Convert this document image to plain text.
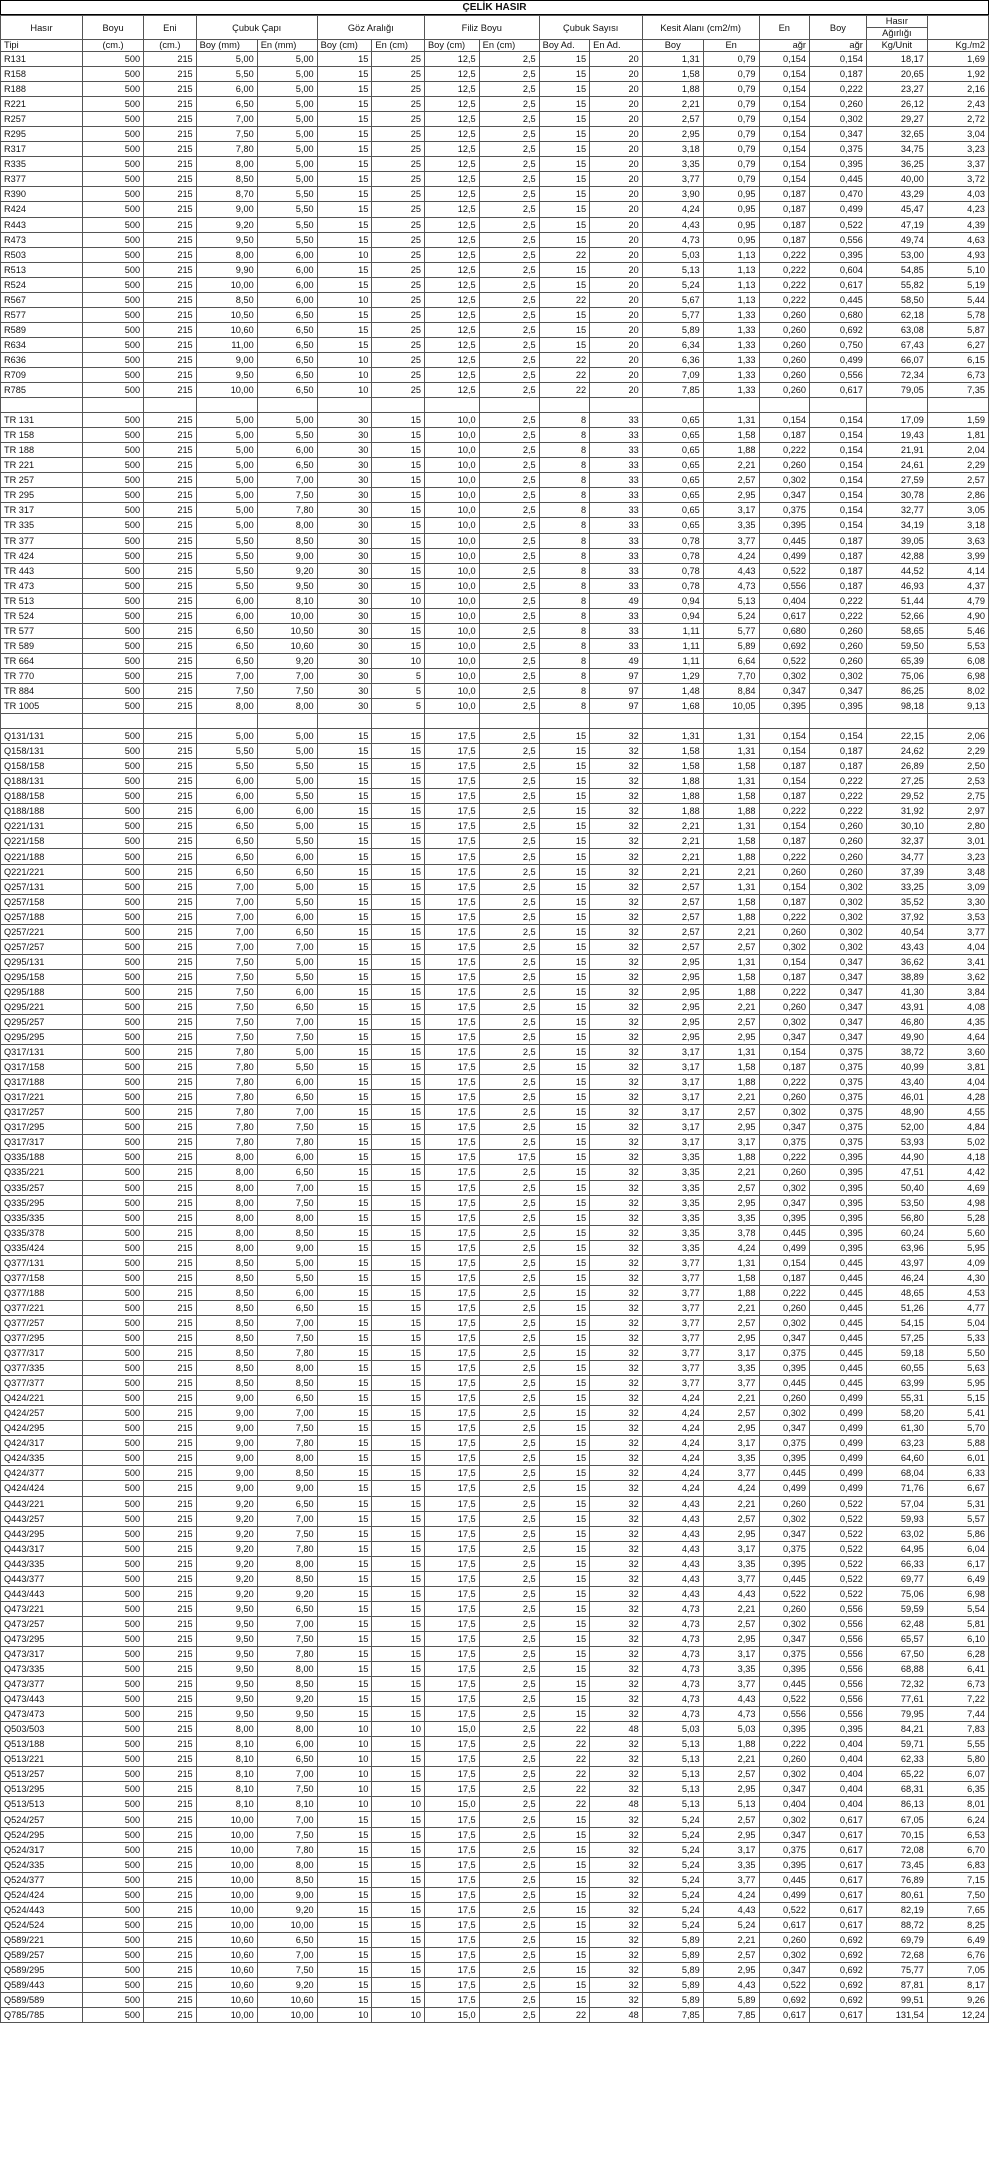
ÇELİK HASIR
Hasır	Boyu	Eni	Çubuk Çapı		Göz Aralığı		Filiz Boyu		Çubuk Sayısı		Kesit Alanı (cm2/m)		En	Boy	Hasır	
															Ağırlığı	
Tipi	(cm.)	(cm.)	Boy (mm)	En (mm)	Boy (cm)	En (cm)	Boy (cm)	En (cm)	Boy Ad.	En Ad.	Boy	En	ağr	ağr	Kg/Unit	Kg./m2
R131	500	215	5,00	5,00	15	25	12,5	2,5	15	20	1,31	0,79	0,154	0,154	18,17	1,69
R158	500	215	5,50	5,00	15	25	12,5	2,5	15	20	1,58	0,79	0,154	0,187	20,65	1,92
R188	500	215	6,00	5,00	15	25	12,5	2,5	15	20	1,88	0,79	0,154	0,222	23,27	2,16
R221	500	215	6,50	5,00	15	25	12,5	2,5	15	20	2,21	0,79	0,154	0,260	26,12	2,43
R257	500	215	7,00	5,00	15	25	12,5	2,5	15	20	2,57	0,79	0,154	0,302	29,27	2,72
R295	500	215	7,50	5,00	15	25	12,5	2,5	15	20	2,95	0,79	0,154	0,347	32,65	3,04
R317	500	215	7,80	5,00	15	25	12,5	2,5	15	20	3,18	0,79	0,154	0,375	34,75	3,23
R335	500	215	8,00	5,00	15	25	12,5	2,5	15	20	3,35	0,79	0,154	0,395	36,25	3,37
R377	500	215	8,50	5,00	15	25	12,5	2,5	15	20	3,77	0,79	0,154	0,445	40,00	3,72
R390	500	215	8,70	5,50	15	25	12,5	2,5	15	20	3,90	0,95	0,187	0,470	43,29	4,03
R424	500	215	9,00	5,50	15	25	12,5	2,5	15	20	4,24	0,95	0,187	0,499	45,47	4,23
R443	500	215	9,20	5,50	15	25	12,5	2,5	15	20	4,43	0,95	0,187	0,522	47,19	4,39
R473	500	215	9,50	5,50	15	25	12,5	2,5	15	20	4,73	0,95	0,187	0,556	49,74	4,63
R503	500	215	8,00	6,00	10	25	12,5	2,5	22	20	5,03	1,13	0,222	0,395	53,00	4,93
R513	500	215	9,90	6,00	15	25	12,5	2,5	15	20	5,13	1,13	0,222	0,604	54,85	5,10
R524	500	215	10,00	6,00	15	25	12,5	2,5	15	20	5,24	1,13	0,222	0,617	55,82	5,19
R567	500	215	8,50	6,00	10	25	12,5	2,5	22	20	5,67	1,13	0,222	0,445	58,50	5,44
R577	500	215	10,50	6,50	15	25	12,5	2,5	15	20	5,77	1,33	0,260	0,680	62,18	5,78
R589	500	215	10,60	6,50	15	25	12,5	2,5	15	20	5,89	1,33	0,260	0,692	63,08	5,87
R634	500	215	11,00	6,50	15	25	12,5	2,5	15	20	6,34	1,33	0,260	0,750	67,43	6,27
R636	500	215	9,00	6,50	10	25	12,5	2,5	22	20	6,36	1,33	0,260	0,499	66,07	6,15
R709	500	215	9,50	6,50	10	25	12,5	2,5	22	20	7,09	1,33	0,260	0,556	72,34	6,73
R785	500	215	10,00	6,50	10	25	12,5	2,5	22	20	7,85	1,33	0,260	0,617	79,05	7,35

TR 131	500	215	5,00	5,00	30	15	10,0	2,5	8	33	0,65	1,31	0,154	0,154	17,09	1,59
TR 158	500	215	5,00	5,50	30	15	10,0	2,5	8	33	0,65	1,58	0,187	0,154	19,43	1,81
TR 188	500	215	5,00	6,00	30	15	10,0	2,5	8	33	0,65	1,88	0,222	0,154	21,91	2,04
TR 221	500	215	5,00	6,50	30	15	10,0	2,5	8	33	0,65	2,21	0,260	0,154	24,61	2,29
TR 257	500	215	5,00	7,00	30	15	10,0	2,5	8	33	0,65	2,57	0,302	0,154	27,59	2,57
TR 295	500	215	5,00	7,50	30	15	10,0	2,5	8	33	0,65	2,95	0,347	0,154	30,78	2,86
TR 317	500	215	5,00	7,80	30	15	10,0	2,5	8	33	0,65	3,17	0,375	0,154	32,77	3,05
TR 335	500	215	5,00	8,00	30	15	10,0	2,5	8	33	0,65	3,35	0,395	0,154	34,19	3,18
TR 377	500	215	5,50	8,50	30	15	10,0	2,5	8	33	0,78	3,77	0,445	0,187	39,05	3,63
TR 424	500	215	5,50	9,00	30	15	10,0	2,5	8	33	0,78	4,24	0,499	0,187	42,88	3,99
TR 443	500	215	5,50	9,20	30	15	10,0	2,5	8	33	0,78	4,43	0,522	0,187	44,52	4,14
TR 473	500	215	5,50	9,50	30	15	10,0	2,5	8	33	0,78	4,73	0,556	0,187	46,93	4,37
TR 513	500	215	6,00	8,10	30	10	10,0	2,5	8	49	0,94	5,13	0,404	0,222	51,44	4,79
TR 524	500	215	6,00	10,00	30	15	10,0	2,5	8	33	0,94	5,24	0,617	0,222	52,66	4,90
TR 577	500	215	6,50	10,50	30	15	10,0	2,5	8	33	1,11	5,77	0,680	0,260	58,65	5,46
TR 589	500	215	6,50	10,60	30	15	10,0	2,5	8	33	1,11	5,89	0,692	0,260	59,50	5,53
TR 664	500	215	6,50	9,20	30	10	10,0	2,5	8	49	1,11	6,64	0,522	0,260	65,39	6,08
TR 770	500	215	7,00	7,00	30	5	10,0	2,5	8	97	1,29	7,70	0,302	0,302	75,06	6,98
TR 884	500	215	7,50	7,50	30	5	10,0	2,5	8	97	1,48	8,84	0,347	0,347	86,25	8,02
TR 1005	500	215	8,00	8,00	30	5	10,0	2,5	8	97	1,68	10,05	0,395	0,395	98,18	9,13

Q131/131	500	215	5,00	5,00	15	15	17,5	2,5	15	32	1,31	1,31	0,154	0,154	22,15	2,06
Q158/131	500	215	5,50	5,00	15	15	17,5	2,5	15	32	1,58	1,31	0,154	0,187	24,62	2,29
Q158/158	500	215	5,50	5,50	15	15	17,5	2,5	15	32	1,58	1,58	0,187	0,187	26,89	2,50
Q188/131	500	215	6,00	5,00	15	15	17,5	2,5	15	32	1,88	1,31	0,154	0,222	27,25	2,53
Q188/158	500	215	6,00	5,50	15	15	17,5	2,5	15	32	1,88	1,58	0,187	0,222	29,52	2,75
Q188/188	500	215	6,00	6,00	15	15	17,5	2,5	15	32	1,88	1,88	0,222	0,222	31,92	2,97
Q221/131	500	215	6,50	5,00	15	15	17,5	2,5	15	32	2,21	1,31	0,154	0,260	30,10	2,80
Q221/158	500	215	6,50	5,50	15	15	17,5	2,5	15	32	2,21	1,58	0,187	0,260	32,37	3,01
Q221/188	500	215	6,50	6,00	15	15	17,5	2,5	15	32	2,21	1,88	0,222	0,260	34,77	3,23
Q221/221	500	215	6,50	6,50	15	15	17,5	2,5	15	32	2,21	2,21	0,260	0,260	37,39	3,48
Q257/131	500	215	7,00	5,00	15	15	17,5	2,5	15	32	2,57	1,31	0,154	0,302	33,25	3,09
Q257/158	500	215	7,00	5,50	15	15	17,5	2,5	15	32	2,57	1,58	0,187	0,302	35,52	3,30
Q257/188	500	215	7,00	6,00	15	15	17,5	2,5	15	32	2,57	1,88	0,222	0,302	37,92	3,53
Q257/221	500	215	7,00	6,50	15	15	17,5	2,5	15	32	2,57	2,21	0,260	0,302	40,54	3,77
Q257/257	500	215	7,00	7,00	15	15	17,5	2,5	15	32	2,57	2,57	0,302	0,302	43,43	4,04
Q295/131	500	215	7,50	5,00	15	15	17,5	2,5	15	32	2,95	1,31	0,154	0,347	36,62	3,41
Q295/158	500	215	7,50	5,50	15	15	17,5	2,5	15	32	2,95	1,58	0,187	0,347	38,89	3,62
Q295/188	500	215	7,50	6,00	15	15	17,5	2,5	15	32	2,95	1,88	0,222	0,347	41,30	3,84
Q295/221	500	215	7,50	6,50	15	15	17,5	2,5	15	32	2,95	2,21	0,260	0,347	43,91	4,08
Q295/257	500	215	7,50	7,00	15	15	17,5	2,5	15	32	2,95	2,57	0,302	0,347	46,80	4,35
Q295/295	500	215	7,50	7,50	15	15	17,5	2,5	15	32	2,95	2,95	0,347	0,347	49,90	4,64
Q317/131	500	215	7,80	5,00	15	15	17,5	2,5	15	32	3,17	1,31	0,154	0,375	38,72	3,60
Q317/158	500	215	7,80	5,50	15	15	17,5	2,5	15	32	3,17	1,58	0,187	0,375	40,99	3,81
Q317/188	500	215	7,80	6,00	15	15	17,5	2,5	15	32	3,17	1,88	0,222	0,375	43,40	4,04
Q317/221	500	215	7,80	6,50	15	15	17,5	2,5	15	32	3,17	2,21	0,260	0,375	46,01	4,28
Q317/257	500	215	7,80	7,00	15	15	17,5	2,5	15	32	3,17	2,57	0,302	0,375	48,90	4,55
Q317/295	500	215	7,80	7,50	15	15	17,5	2,5	15	32	3,17	2,95	0,347	0,375	52,00	4,84
Q317/317	500	215	7,80	7,80	15	15	17,5	2,5	15	32	3,17	3,17	0,375	0,375	53,93	5,02
Q335/188	500	215	8,00	6,00	15	15	17,5	17,5	15	32	3,35	1,88	0,222	0,395	44,90	4,18
Q335/221	500	215	8,00	6,50	15	15	17,5	2,5	15	32	3,35	2,21	0,260	0,395	47,51	4,42
Q335/257	500	215	8,00	7,00	15	15	17,5	2,5	15	32	3,35	2,57	0,302	0,395	50,40	4,69
Q335/295	500	215	8,00	7,50	15	15	17,5	2,5	15	32	3,35	2,95	0,347	0,395	53,50	4,98
Q335/335	500	215	8,00	8,00	15	15	17,5	2,5	15	32	3,35	3,35	0,395	0,395	56,80	5,28
Q335/378	500	215	8,00	8,50	15	15	17,5	2,5	15	32	3,35	3,78	0,445	0,395	60,24	5,60
Q335/424	500	215	8,00	9,00	15	15	17,5	2,5	15	32	3,35	4,24	0,499	0,395	63,96	5,95
Q377/131	500	215	8,50	5,00	15	15	17,5	2,5	15	32	3,77	1,31	0,154	0,445	43,97	4,09
Q377/158	500	215	8,50	5,50	15	15	17,5	2,5	15	32	3,77	1,58	0,187	0,445	46,24	4,30
Q377/188	500	215	8,50	6,00	15	15	17,5	2,5	15	32	3,77	1,88	0,222	0,445	48,65	4,53
Q377/221	500	215	8,50	6,50	15	15	17,5	2,5	15	32	3,77	2,21	0,260	0,445	51,26	4,77
Q377/257	500	215	8,50	7,00	15	15	17,5	2,5	15	32	3,77	2,57	0,302	0,445	54,15	5,04
Q377/295	500	215	8,50	7,50	15	15	17,5	2,5	15	32	3,77	2,95	0,347	0,445	57,25	5,33
Q377/317	500	215	8,50	7,80	15	15	17,5	2,5	15	32	3,77	3,17	0,375	0,445	59,18	5,50
Q377/335	500	215	8,50	8,00	15	15	17,5	2,5	15	32	3,77	3,35	0,395	0,445	60,55	5,63
Q377/377	500	215	8,50	8,50	15	15	17,5	2,5	15	32	3,77	3,77	0,445	0,445	63,99	5,95
Q424/221	500	215	9,00	6,50	15	15	17,5	2,5	15	32	4,24	2,21	0,260	0,499	55,31	5,15
Q424/257	500	215	9,00	7,00	15	15	17,5	2,5	15	32	4,24	2,57	0,302	0,499	58,20	5,41
Q424/295	500	215	9,00	7,50	15	15	17,5	2,5	15	32	4,24	2,95	0,347	0,499	61,30	5,70
Q424/317	500	215	9,00	7,80	15	15	17,5	2,5	15	32	4,24	3,17	0,375	0,499	63,23	5,88
Q424/335	500	215	9,00	8,00	15	15	17,5	2,5	15	32	4,24	3,35	0,395	0,499	64,60	6,01
Q424/377	500	215	9,00	8,50	15	15	17,5	2,5	15	32	4,24	3,77	0,445	0,499	68,04	6,33
Q424/424	500	215	9,00	9,00	15	15	17,5	2,5	15	32	4,24	4,24	0,499	0,499	71,76	6,67
Q443/221	500	215	9,20	6,50	15	15	17,5	2,5	15	32	4,43	2,21	0,260	0,522	57,04	5,31
Q443/257	500	215	9,20	7,00	15	15	17,5	2,5	15	32	4,43	2,57	0,302	0,522	59,93	5,57
Q443/295	500	215	9,20	7,50	15	15	17,5	2,5	15	32	4,43	2,95	0,347	0,522	63,02	5,86
Q443/317	500	215	9,20	7,80	15	15	17,5	2,5	15	32	4,43	3,17	0,375	0,522	64,95	6,04
Q443/335	500	215	9,20	8,00	15	15	17,5	2,5	15	32	4,43	3,35	0,395	0,522	66,33	6,17
Q443/377	500	215	9,20	8,50	15	15	17,5	2,5	15	32	4,43	3,77	0,445	0,522	69,77	6,49
Q443/443	500	215	9,20	9,20	15	15	17,5	2,5	15	32	4,43	4,43	0,522	0,522	75,06	6,98
Q473/221	500	215	9,50	6,50	15	15	17,5	2,5	15	32	4,73	2,21	0,260	0,556	59,59	5,54
Q473/257	500	215	9,50	7,00	15	15	17,5	2,5	15	32	4,73	2,57	0,302	0,556	62,48	5,81
Q473/295	500	215	9,50	7,50	15	15	17,5	2,5	15	32	4,73	2,95	0,347	0,556	65,57	6,10
Q473/317	500	215	9,50	7,80	15	15	17,5	2,5	15	32	4,73	3,17	0,375	0,556	67,50	6,28
Q473/335	500	215	9,50	8,00	15	15	17,5	2,5	15	32	4,73	3,35	0,395	0,556	68,88	6,41
Q473/377	500	215	9,50	8,50	15	15	17,5	2,5	15	32	4,73	3,77	0,445	0,556	72,32	6,73
Q473/443	500	215	9,50	9,20	15	15	17,5	2,5	15	32	4,73	4,43	0,522	0,556	77,61	7,22
Q473/473	500	215	9,50	9,50	15	15	17,5	2,5	15	32	4,73	4,73	0,556	0,556	79,95	7,44
Q503/503	500	215	8,00	8,00	10	10	15,0	2,5	22	48	5,03	5,03	0,395	0,395	84,21	7,83
Q513/188	500	215	8,10	6,00	10	15	17,5	2,5	22	32	5,13	1,88	0,222	0,404	59,71	5,55
Q513/221	500	215	8,10	6,50	10	15	17,5	2,5	22	32	5,13	2,21	0,260	0,404	62,33	5,80
Q513/257	500	215	8,10	7,00	10	15	17,5	2,5	22	32	5,13	2,57	0,302	0,404	65,22	6,07
Q513/295	500	215	8,10	7,50	10	15	17,5	2,5	22	32	5,13	2,95	0,347	0,404	68,31	6,35
Q513/513	500	215	8,10	8,10	10	10	15,0	2,5	22	48	5,13	5,13	0,404	0,404	86,13	8,01
Q524/257	500	215	10,00	7,00	15	15	17,5	2,5	15	32	5,24	2,57	0,302	0,617	67,05	6,24
Q524/295	500	215	10,00	7,50	15	15	17,5	2,5	15	32	5,24	2,95	0,347	0,617	70,15	6,53
Q524/317	500	215	10,00	7,80	15	15	17,5	2,5	15	32	5,24	3,17	0,375	0,617	72,08	6,70
Q524/335	500	215	10,00	8,00	15	15	17,5	2,5	15	32	5,24	3,35	0,395	0,617	73,45	6,83
Q524/377	500	215	10,00	8,50	15	15	17,5	2,5	15	32	5,24	3,77	0,445	0,617	76,89	7,15
Q524/424	500	215	10,00	9,00	15	15	17,5	2,5	15	32	5,24	4,24	0,499	0,617	80,61	7,50
Q524/443	500	215	10,00	9,20	15	15	17,5	2,5	15	32	5,24	4,43	0,522	0,617	82,19	7,65
Q524/524	500	215	10,00	10,00	15	15	17,5	2,5	15	32	5,24	5,24	0,617	0,617	88,72	8,25
Q589/221	500	215	10,60	6,50	15	15	17,5	2,5	15	32	5,89	2,21	0,260	0,692	69,79	6,49
Q589/257	500	215	10,60	7,00	15	15	17,5	2,5	15	32	5,89	2,57	0,302	0,692	72,68	6,76
Q589/295	500	215	10,60	7,50	15	15	17,5	2,5	15	32	5,89	2,95	0,347	0,692	75,77	7,05
Q589/443	500	215	10,60	9,20	15	15	17,5	2,5	15	32	5,89	4,43	0,522	0,692	87,81	8,17
Q589/589	500	215	10,60	10,60	15	15	17,5	2,5	15	32	5,89	5,89	0,692	0,692	99,51	9,26
Q785/785	500	215	10,00	10,00	10	10	15,0	2,5	22	48	7,85	7,85	0,617	0,617	131,54	12,24
